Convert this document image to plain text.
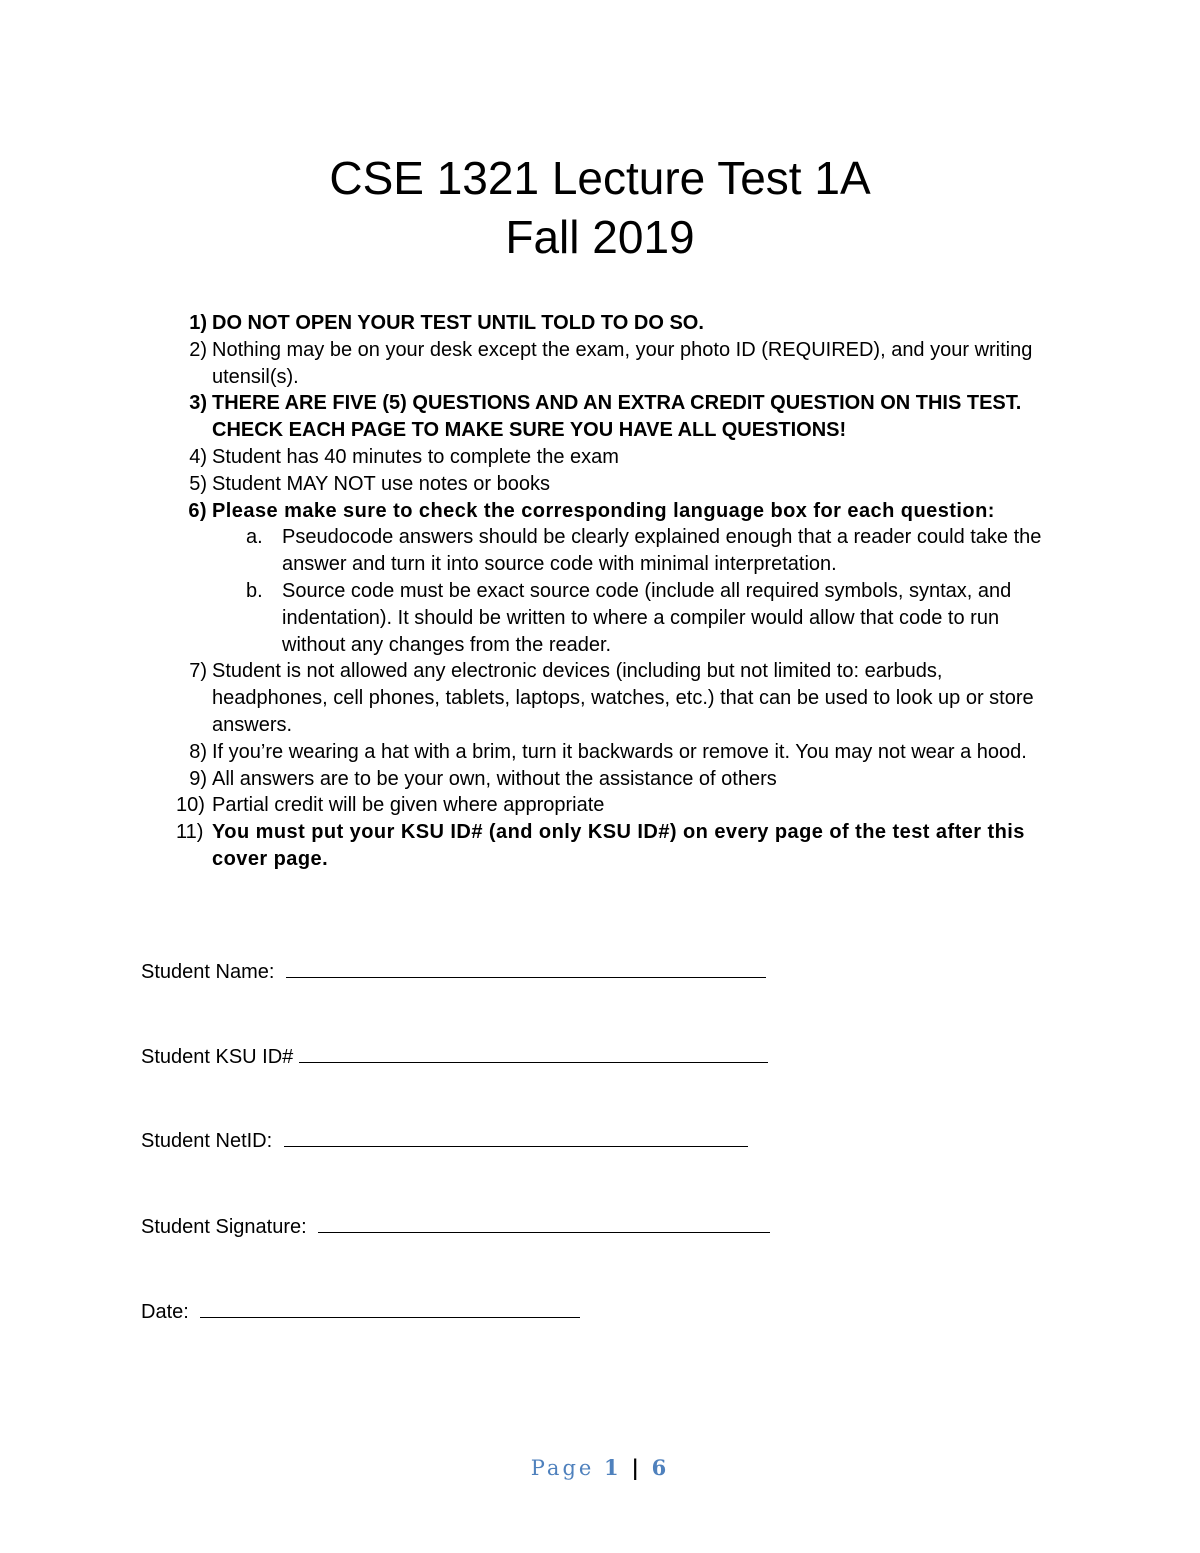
CSE 1321 Lecture Test 1A
Fall 2019
1) DO NOT OPEN YOUR TEST UNTIL TOLD TO DO SO.
2) Nothing may be on your desk except the exam, your photo ID (REQUIRED), and your writing utensil(s).
3) THERE ARE FIVE (5) QUESTIONS AND AN EXTRA CREDIT QUESTION ON THIS TEST. CHECK EACH PAGE TO MAKE SURE YOU HAVE ALL QUESTIONS!
4) Student has 40 minutes to complete the exam
5) Student MAY NOT use notes or books
6) Please make sure to check the corresponding language box for each question:
a. Pseudocode answers should be clearly explained enough that a reader could take the answer and turn it into source code with minimal interpretation.
b. Source code must be exact source code (include all required symbols, syntax, and indentation). It should be written to where a compiler would allow that code to run without any changes from the reader.
7) Student is not allowed any electronic devices (including but not limited to: earbuds, headphones, cell phones, tablets, laptops, watches, etc.) that can be used to look up or store answers.
8) If you’re wearing a hat with a brim, turn it backwards or remove it. You may not wear a hood.
9) All answers are to be your own, without the assistance of others
10) Partial credit will be given where appropriate
11) You must put your KSU ID# (and only KSU ID#) on every page of the test after this cover page.
Student Name:
Student KSU ID#
Student NetID:
Student Signature:
Date:
Page 1 | 6
